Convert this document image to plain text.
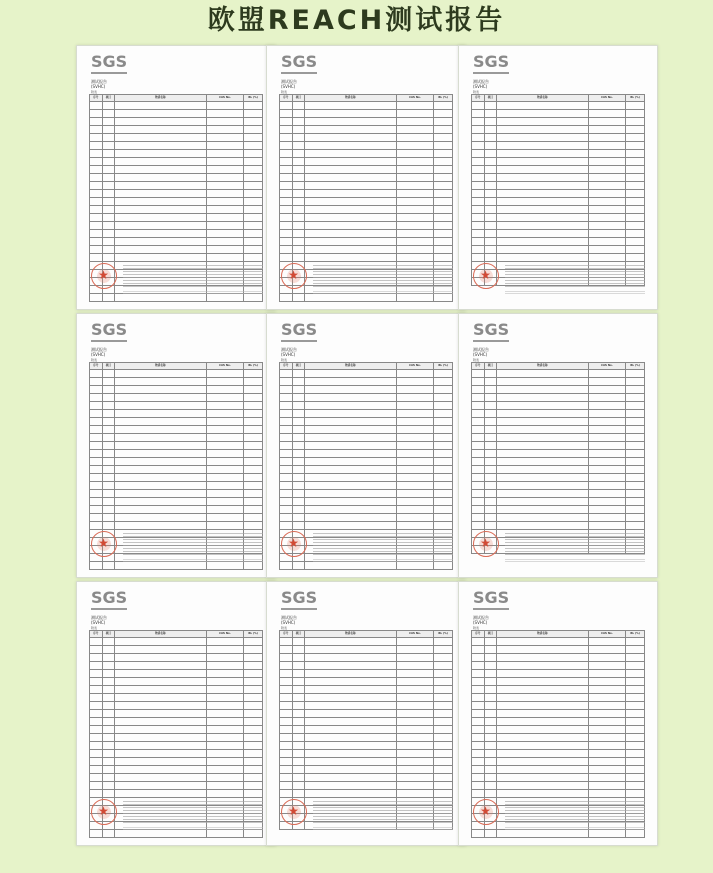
欧盟REACH测试报告
SGS
测试报告
(SVHC)
附表
序号	项目	物质名称	CAS No.	RL (%)

★
SGS
测试报告
(SVHC)
附表
序号	项目	物质名称	CAS No.	RL (%)

★
SGS
测试报告
(SVHC)
附表
序号	项目	物质名称	CAS No.	RL (%)

★
SGS
测试报告
(SVHC)
附表
序号	项目	物质名称	CAS No.	RL (%)

★
SGS
测试报告
(SVHC)
附表
序号	项目	物质名称	CAS No.	RL (%)

★
SGS
测试报告
(SVHC)
附表
序号	项目	物质名称	CAS No.	RL (%)

★
SGS
测试报告
(SVHC)
附表
序号	项目	物质名称	CAS No.	RL (%)

★
SGS
测试报告
(SVHC)
附表
序号	项目	物质名称	CAS No.	RL (%)

★
SGS
测试报告
(SVHC)
附表
序号	项目	物质名称	CAS No.	RL (%)

★
